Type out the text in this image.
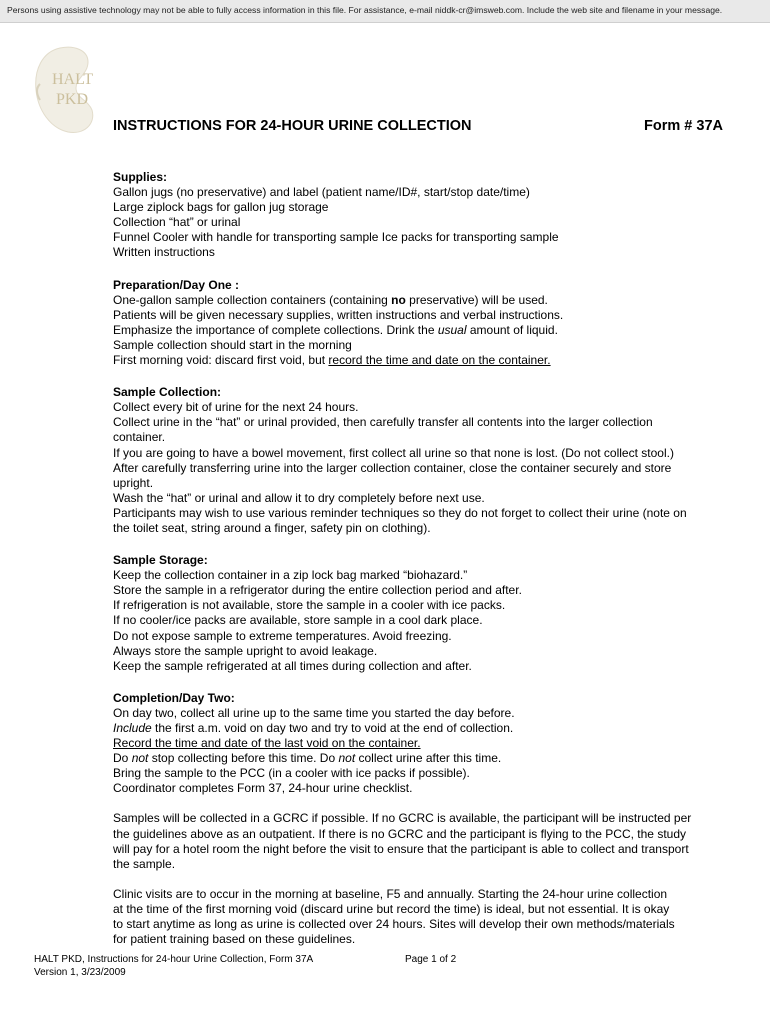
Persons using assistive technology may not be able to fully access information in this file. For assistance, e-mail niddk-cr@imsweb.com. Include the web site and filename in your message.
HALT
PKD
INSTRUCTIONS FOR 24-HOUR URINE COLLECTION	Form # 37A
Supplies:
Gallon jugs (no preservative) and label (patient name/ID#, start/stop date/time)
Large ziplock bags for gallon jug storage
Collection “hat” or urinal
Funnel Cooler with handle for transporting sample Ice packs for transporting sample
Written instructions
Preparation/Day One :
One-gallon sample collection containers (containing no preservative) will be used.
Patients will be given necessary supplies, written instructions and verbal instructions.
Emphasize the importance of complete collections. Drink the usual amount of liquid.
Sample collection should start in the morning
First morning void: discard first void, but record the time and date on the container.
Sample Collection:
Collect every bit of urine for the next 24 hours.
Collect urine in the “hat” or urinal provided, then carefully transfer all contents into the larger collection
container.
If you are going to have a bowel movement, first collect all urine so that none is lost. (Do not collect stool.)
After carefully transferring urine into the larger collection container, close the container securely and store
upright.
Wash the “hat” or urinal and allow it to dry completely before next use.
Participants may wish to use various reminder techniques so they do not forget to collect their urine (note on
the toilet seat, string around a finger, safety pin on clothing).
Sample Storage:
Keep the collection container in a zip lock bag marked “biohazard.”
Store the sample in a refrigerator during the entire collection period and after.
If refrigeration is not available, store the sample in a cooler with ice packs.
If no cooler/ice packs are available, store sample in a cool dark place.
Do not expose sample to extreme temperatures. Avoid freezing.
Always store the sample upright to avoid leakage.
Keep the sample refrigerated at all times during collection and after.
Completion/Day Two:
On day two, collect all urine up to the same time you started the day before.
Include the first a.m. void on day two and try to void at the end of collection.
Record the time and date of the last void on the container.
Do not stop collecting before this time. Do not collect urine after this time.
Bring the sample to the PCC (in a cooler with ice packs if possible).
Coordinator completes Form 37, 24-hour urine checklist.
Samples will be collected in a GCRC if possible. If no GCRC is available, the participant will be instructed per
the guidelines above as an outpatient. If there is no GCRC and the participant is flying to the PCC, the study
will pay for a hotel room the night before the visit to ensure that the participant is able to collect and transport
the sample.
Clinic visits are to occur in the morning at baseline, F5 and annually. Starting the 24-hour urine collection
at the time of the first morning void (discard urine but record the time) is ideal, but not essential. It is okay
to start anytime as long as urine is collected over 24 hours. Sites will develop their own methods/materials
for patient training based on these guidelines.
HALT PKD, Instructions for 24-hour Urine Collection, Form 37A
Version 1, 3/23/2009
Page 1 of 2
